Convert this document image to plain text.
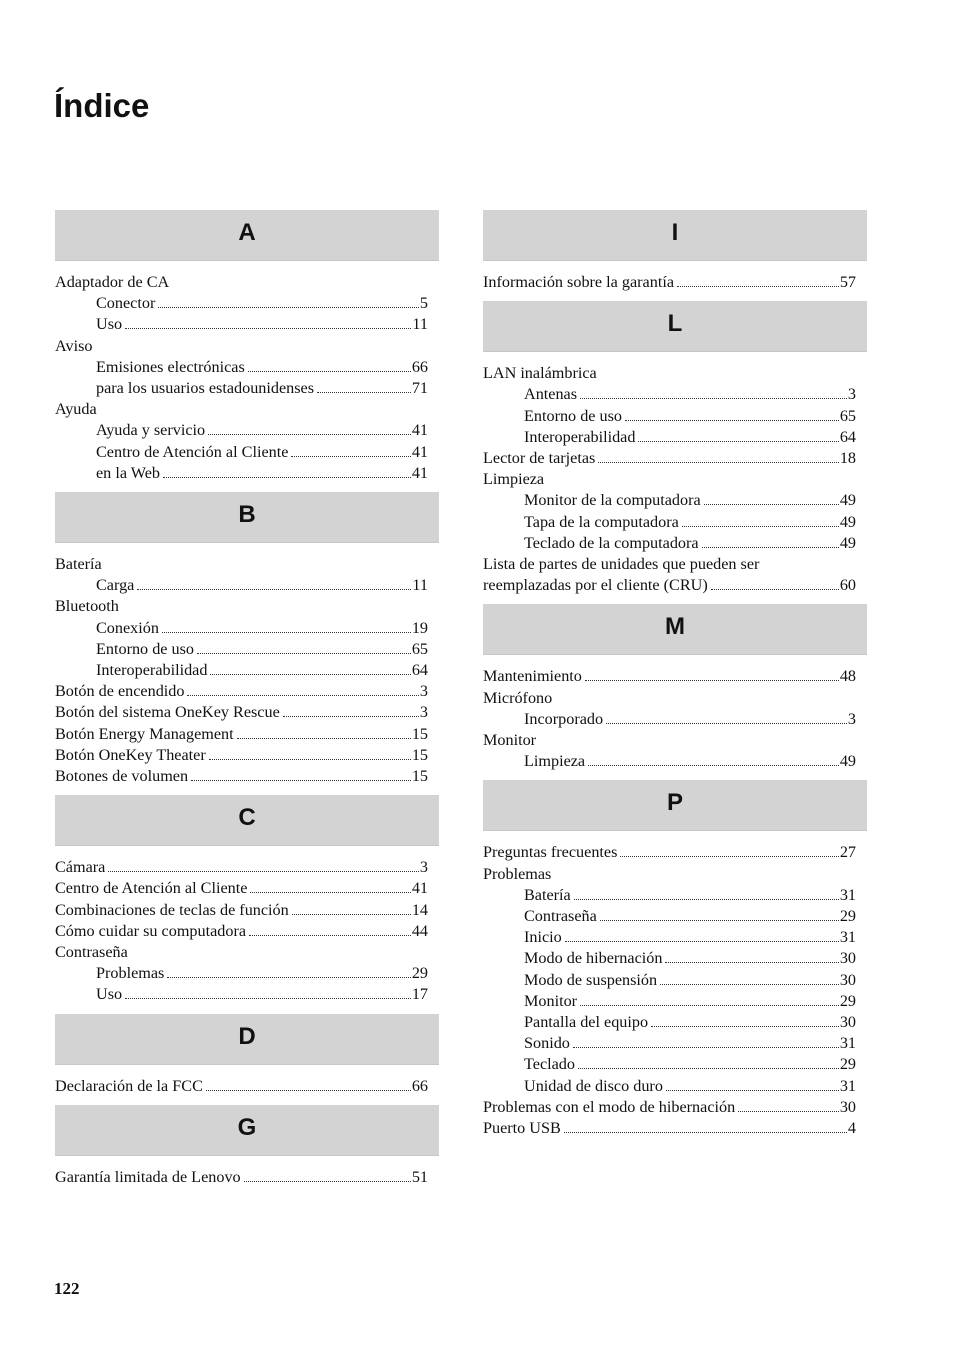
Índice
A
Adaptador de CA
Conector	5
Uso	11
Aviso
Emisiones electrónicas	66
para los usuarios estadounidenses	71
Ayuda
Ayuda y servicio	41
Centro de Atención al Cliente	41
en la Web	41
B
Batería
Carga	11
Bluetooth
Conexión	19
Entorno de uso	65
Interoperabilidad	64
Botón de encendido	3
Botón del sistema OneKey Rescue	3
Botón Energy Management	15
Botón OneKey Theater	15
Botones de volumen	15
C
Cámara	3
Centro de Atención al Cliente	41
Combinaciones de teclas de función	14
Cómo cuidar su computadora	44
Contraseña
Problemas	29
Uso	17
D
Declaración de la FCC	66
G
Garantía limitada de Lenovo	51
I
Información sobre la garantía	57
L
LAN inalámbrica
Antenas	3
Entorno de uso	65
Interoperabilidad	64
Lector de tarjetas	18
Limpieza
Monitor de la computadora	49
Tapa de la computadora	49
Teclado de la computadora	49
Lista de partes de unidades que pueden ser
reemplazadas por el cliente (CRU)	60
M
Mantenimiento	48
Micrófono
Incorporado	3
Monitor
Limpieza	49
P
Preguntas frecuentes	27
Problemas
Batería	31
Contraseña	29
Inicio	31
Modo de hibernación	30
Modo de suspensión	30
Monitor	29
Pantalla del equipo	30
Sonido	31
Teclado	29
Unidad de disco duro	31
Problemas con el modo de hibernación	30
Puerto USB	4
122
